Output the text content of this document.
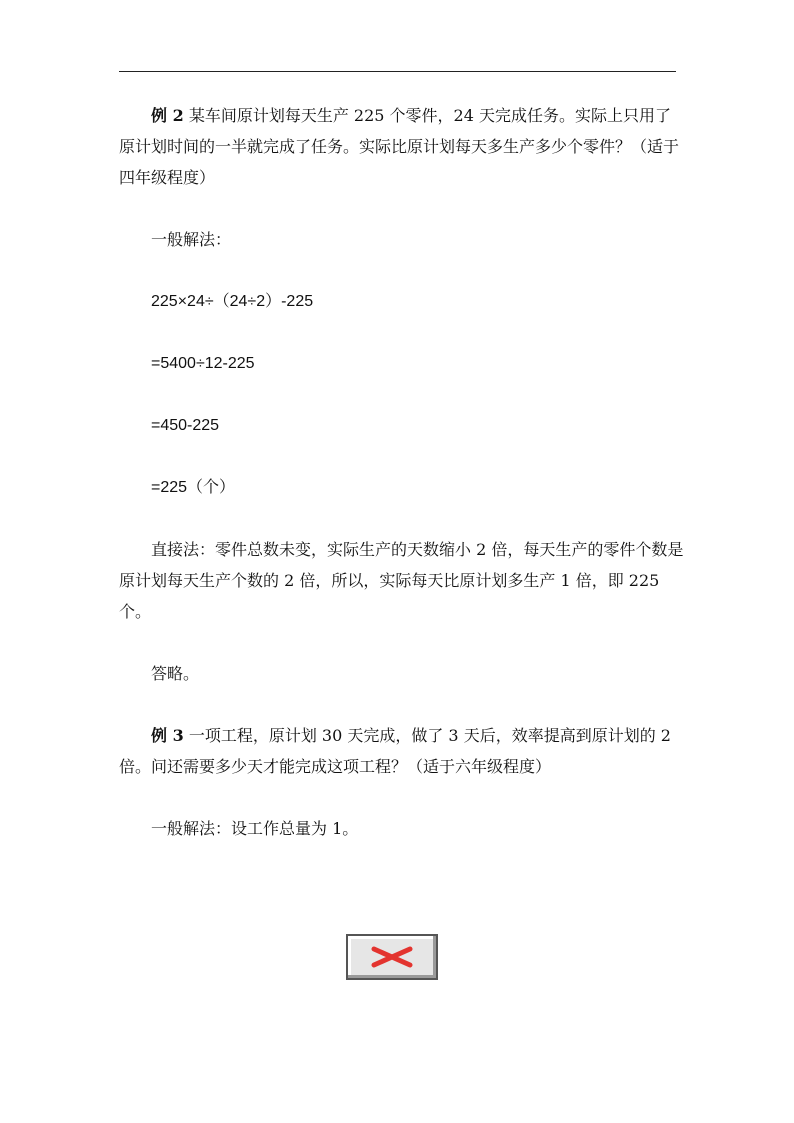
例 2 某车间原计划每天生产 225 个零件，24 天完成任务。实际上只用了原计划时间的一半就完成了任务。实际比原计划每天多生产多少个零件？（适于四年级程度）

一般解法：

225×24÷（24÷2）-225

=5400÷12-225

=450-225

=225（个）

直接法：零件总数未变，实际生产的天数缩小 2 倍，每天生产的零件个数是原计划每天生产个数的 2 倍，所以，实际每天比原计划多生产 1 倍，即 225 个。

答略。

例 3 一项工程，原计划 30 天完成，做了 3 天后，效率提高到原计划的 2 倍。问还需要多少天才能完成这项工程？（适于六年级程度）

一般解法：设工作总量为 1。
